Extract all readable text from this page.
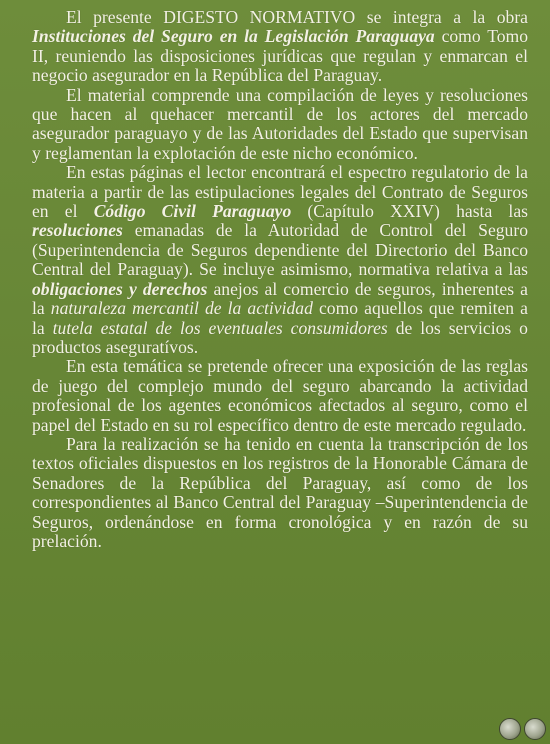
El presente DIGESTO NORMATIVO se integra a la obra Instituciones del Seguro en la Legislación Paraguaya como Tomo II, reuniendo las disposiciones jurídicas que regulan y enmarcan el negocio asegurador en la República del Paraguay.

El material comprende una compilación de leyes y resoluciones que hacen al quehacer mercantil de los actores del mercado asegurador paraguayo y de las Autoridades del Estado que supervisan y reglamentan la explotación de este nicho económico.

En estas páginas el lector encontrará el espectro regulatorio de la materia a partir de las estipulaciones legales del Contrato de Seguros en el Código Civil Paraguayo (Capítulo XXIV) hasta las resoluciones emanadas de la Autoridad de Control del Seguro (Superintendencia de Seguros dependiente del Directorio del Banco Central del Paraguay). Se incluye asimismo, normativa relativa a las obligaciones y derechos anejos al comercio de seguros, inherentes a la naturaleza mercantil de la actividad como aquellos que remiten a la tutela estatal de los eventuales consumidores de los servicios o productos aseguratívos.

En esta temática se pretende ofrecer una exposición de las reglas de juego del complejo mundo del seguro abarcando la actividad profesional de los agentes económicos afectados al seguro, como el papel del Estado en su rol específico dentro de este mercado regulado.

Para la realización se ha tenido en cuenta la transcripción de los textos oficiales dispuestos en los registros de la Honorable Cámara de Senadores de la República del Paraguay, así como de los correspondientes al Banco Central del Paraguay –Superintendencia de Seguros, ordenándose en forma cronológica y en razón de su prelación.
